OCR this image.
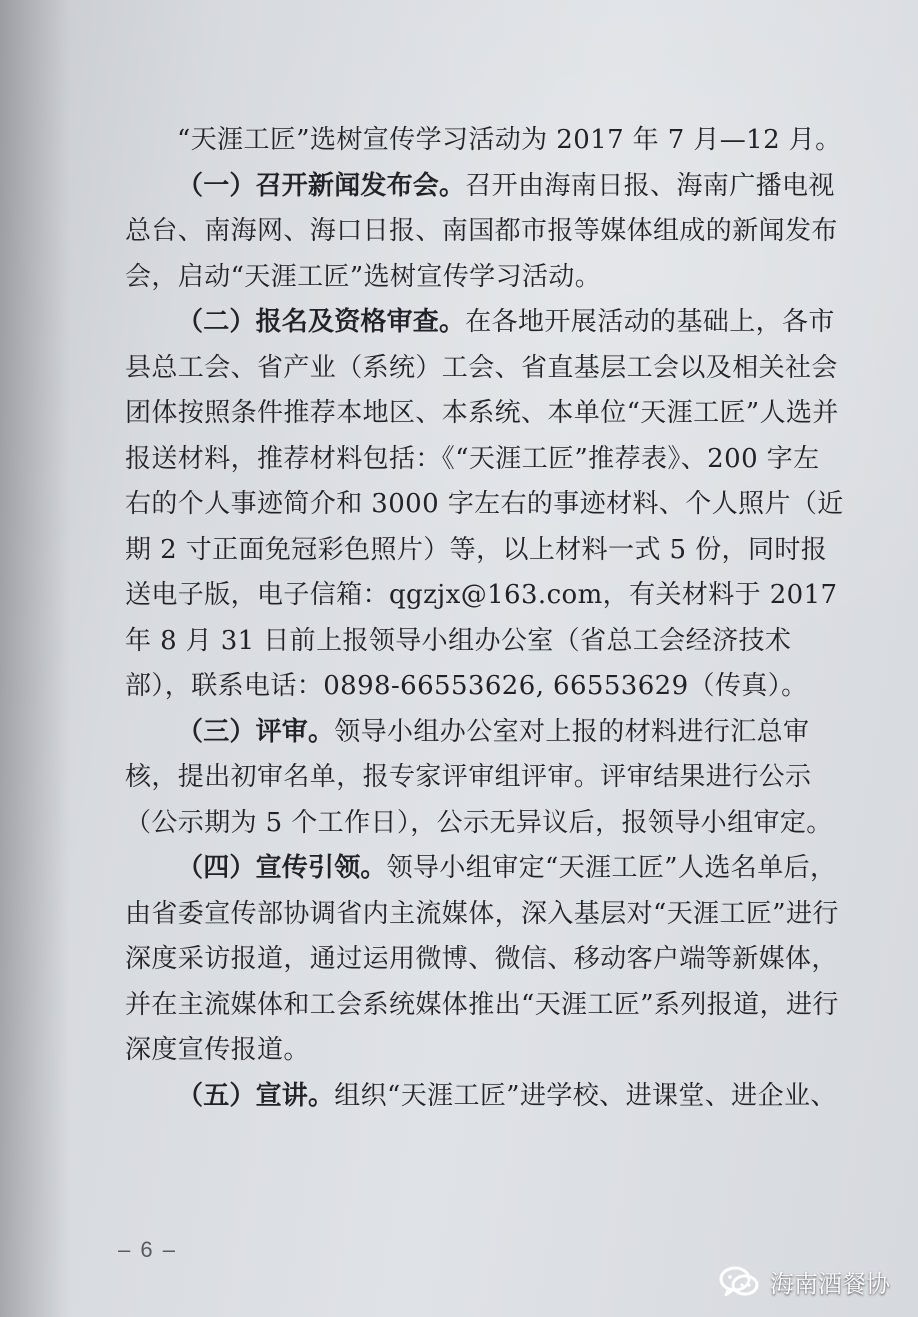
“天涯工匠”选树宣传学习活动为 2017 年 7 月—12 月。

（一）召开新闻发布会。召开由海南日报、海南广播电视总台、南海网、海口日报、南国都市报等媒体组成的新闻发布会，启动“天涯工匠”选树宣传学习活动。

（二）报名及资格审查。在各地开展活动的基础上，各市县总工会、省产业（系统）工会、省直基层工会以及相关社会团体按照条件推荐本地区、本系统、本单位“天涯工匠”人选并报送材料，推荐材料包括：《“天涯工匠”推荐表》、200 字左右的个人事迹简介和 3000 字左右的事迹材料、个人照片（近期 2 寸正面免冠彩色照片）等，以上材料一式 5 份，同时报送电子版，电子信箱：qgzjx@163.com，有关材料于 2017 年 8 月 31 日前上报领导小组办公室（省总工会经济技术部），联系电话：0898-66553626, 66553629（传真）。

（三）评审。领导小组办公室对上报的材料进行汇总审核，提出初审名单，报专家评审组评审。评审结果进行公示（公示期为 5 个工作日），公示无异议后，报领导小组审定。

（四）宣传引领。领导小组审定“天涯工匠”人选名单后，由省委宣传部协调省内主流媒体，深入基层对“天涯工匠”进行深度采访报道，通过运用微博、微信、移动客户端等新媒体，并在主流媒体和工会系统媒体推出“天涯工匠”系列报道，进行深度宣传报道。

（五）宣讲。组织“天涯工匠”进学校、进课堂、进企业、

– 6 –
海南酒餐协
